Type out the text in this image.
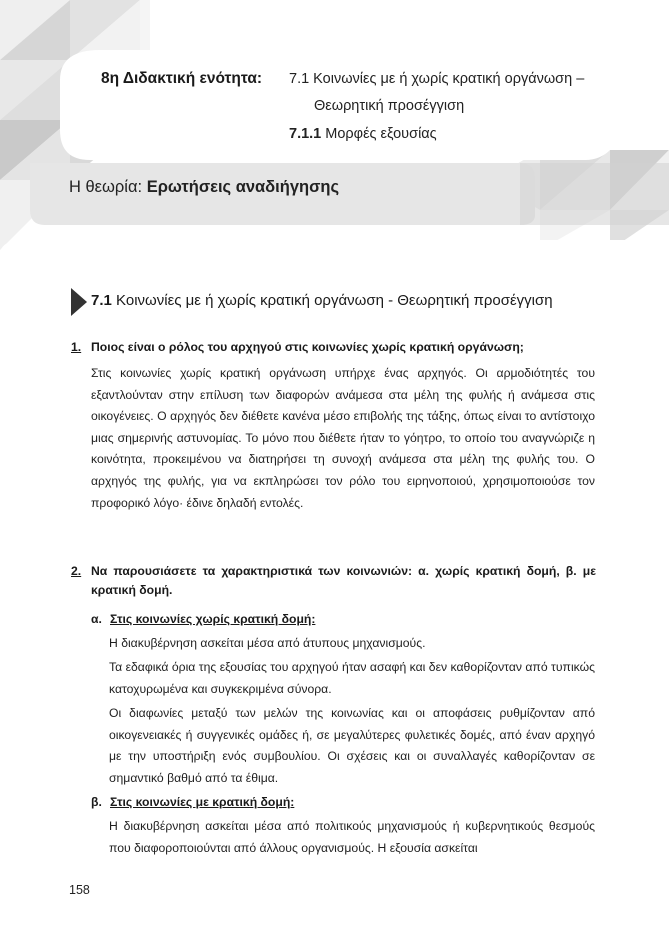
8η Διδακτική ενότητα: 7.1 Κοινωνίες με ή χωρίς κρατική οργάνωση –
Θεωρητική προσέγγιση
7.1.1 Μορφές εξουσίας
Η θεωρία: Ερωτήσεις αναδιήγησης
7.1 Κοινωνίες με ή χωρίς κρατική οργάνωση - Θεωρητική προσέγγιση
1. Ποιος είναι ο ρόλος του αρχηγού στις κοινωνίες χωρίς κρατική οργάνωση;
Στις κοινωνίες χωρίς κρατική οργάνωση υπήρχε ένας αρχηγός. Οι αρμοδιότητές του εξαντλούνταν στην επίλυση των διαφορών ανάμεσα στα μέλη της φυλής ή ανάμεσα στις οικογένειες. Ο αρχηγός δεν διέθετε κανένα μέσο επιβολής της τάξης, όπως είναι το αντίστοιχο μιας σημερινής αστυνομίας. Το μόνο που διέθετε ήταν το γόητρο, το οποίο του αναγνώριζε η κοινότητα, προκειμένου να διατηρήσει τη συνοχή ανάμεσα στα μέλη της φυλής του. Ο αρχηγός της φυλής, για να εκπληρώσει τον ρόλο του ειρηνοποιού, χρησιμοποιούσε τον προφορικό λόγο· έδινε δηλαδή εντολές.
2. Να παρουσιάσετε τα χαρακτηριστικά των κοινωνιών: α. χωρίς κρατική δομή, β. με κρατική δομή.
α. Στις κοινωνίες χωρίς κρατική δομή:
Η διακυβέρνηση ασκείται μέσα από άτυπους μηχανισμούς.
Τα εδαφικά όρια της εξουσίας του αρχηγού ήταν ασαφή και δεν καθορίζονταν από τυπικώς κατοχυρωμένα και συγκεκριμένα σύνορα.
Οι διαφωνίες μεταξύ των μελών της κοινωνίας και οι αποφάσεις ρυθμίζονταν από οικογενειακές ή συγγενικές ομάδες ή, σε μεγαλύτερες φυλετικές δομές, από έναν αρχηγό με την υποστήριξη ενός συμβουλίου. Οι σχέσεις και οι συναλλαγές καθορίζονταν σε σημαντικό βαθμό από τα έθιμα.
β. Στις κοινωνίες με κρατική δομή:
Η διακυβέρνηση ασκείται μέσα από πολιτικούς μηχανισμούς ή κυβερνητικούς θεσμούς που διαφοροποιούνται από άλλους οργανισμούς. Η εξουσία ασκείται
158
